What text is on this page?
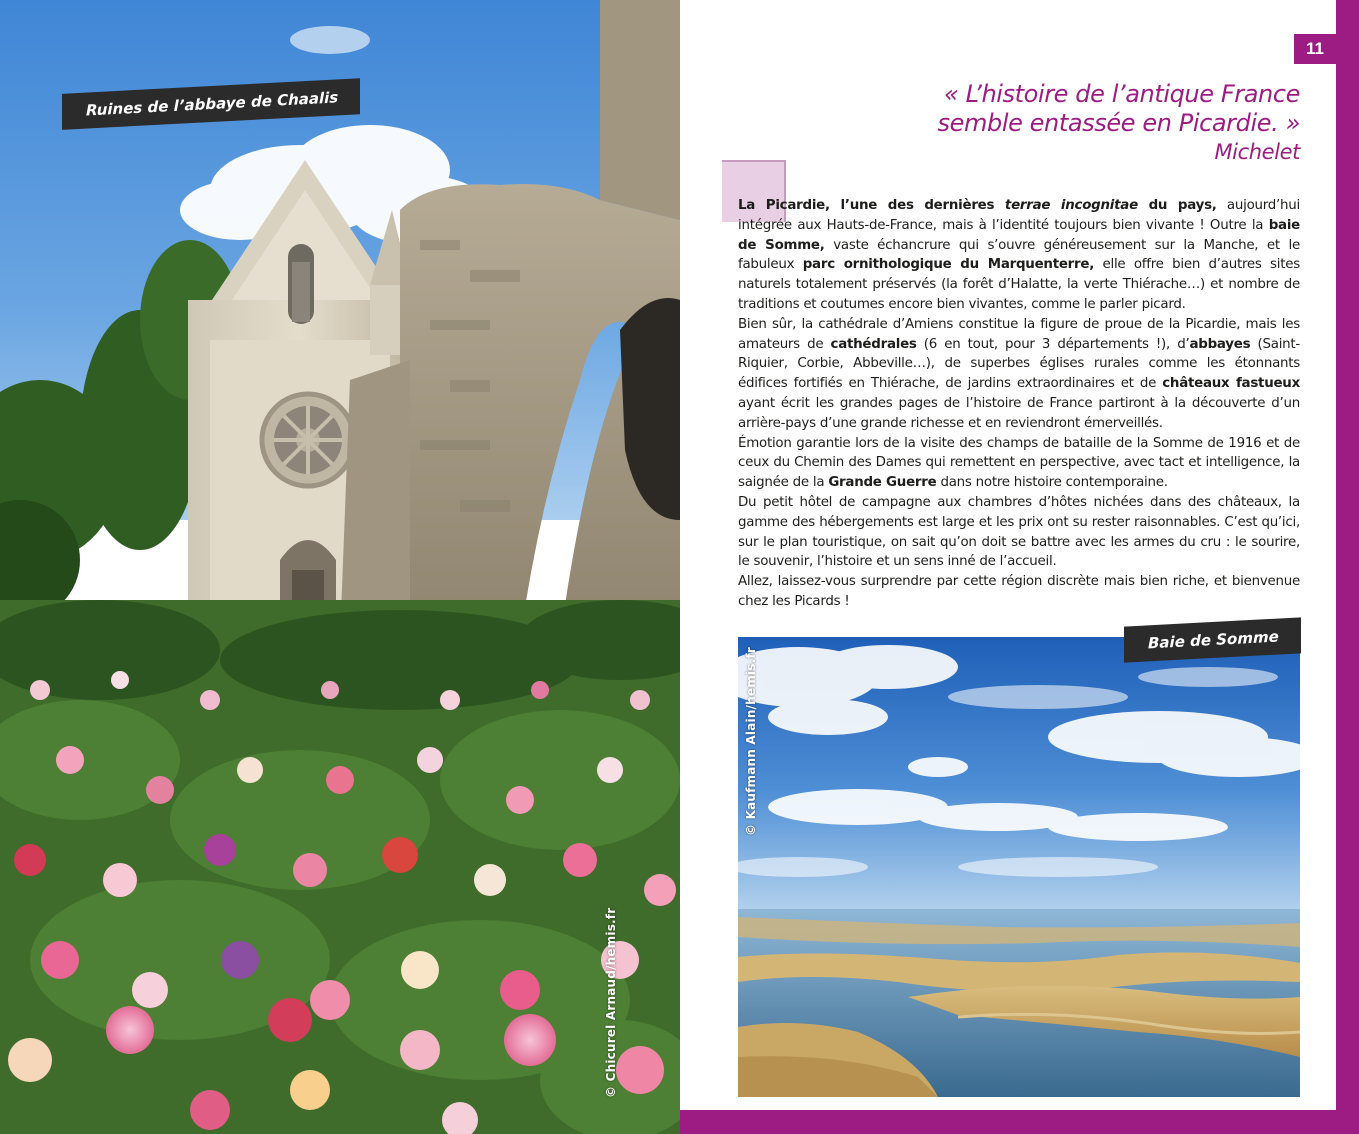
Ruines de l’abbaye de Chaalis
© Chicurel Arnaud/hemis.fr
11
« L’histoire de l’antique France
semble entassée en Picardie. »
Michelet

La Picardie, l’une des dernières terrae incognitae du pays, aujourd’hui intégrée aux Hauts-de-France, mais à l’identité toujours bien vivante ! Outre la baie de Somme, vaste échancrure qui s’ouvre généreusement sur la Manche, et le fabuleux parc ornithologique du Marquenterre, elle offre bien d’autres sites naturels totalement préservés (la forêt d’Halatte, la verte Thiérache…) et nombre de traditions et coutumes encore bien vivantes, comme le parler picard.

Bien sûr, la cathédrale d’Amiens constitue la figure de proue de la Picardie, mais les amateurs de cathédrales (6 en tout, pour 3 départements !), d’abbayes (Saint-Riquier, Corbie, Abbeville…), de superbes églises rurales comme les étonnants édifices fortifiés en Thiérache, de jardins extraordinaires et de châteaux fastueux ayant écrit les grandes pages de l’histoire de France partiront à la découverte d’un arrière-pays d’une grande richesse et en reviendront émerveillés.

Émotion garantie lors de la visite des champs de bataille de la Somme de 1916 et de ceux du Chemin des Dames qui remettent en perspective, avec tact et intelligence, la saignée de la Grande Guerre dans notre histoire contemporaine.

Du petit hôtel de campagne aux chambres d’hôtes nichées dans des châteaux, la gamme des hébergements est large et les prix ont su rester raisonnables. C’est qu’ici, sur le plan touristique, on sait qu’on doit se battre avec les armes du cru : le sourire, le souvenir, l’histoire et un sens inné de l’accueil.

Allez, laissez-vous surprendre par cette région discrète mais bien riche, et bienvenue chez les Picards !

Baie de Somme
© Kaufmann Alain/hemis.fr
